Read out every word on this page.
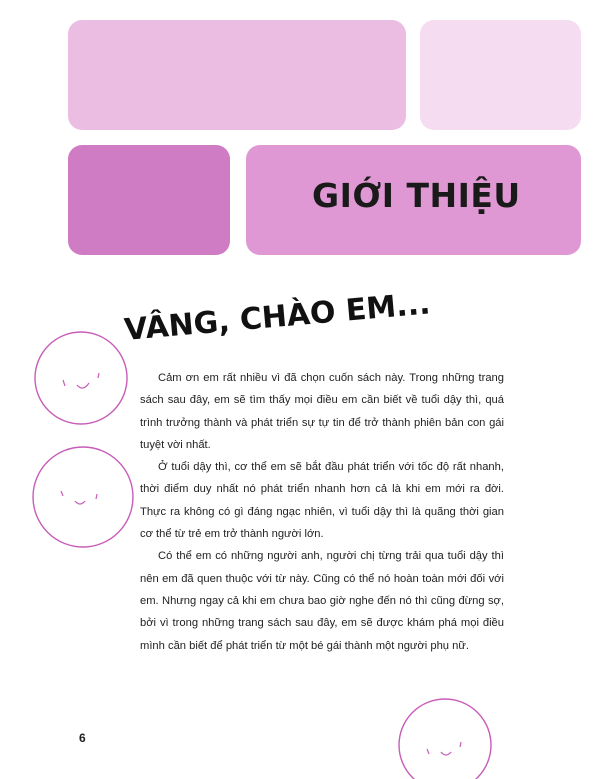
GIỚI THIỆU
VÂNG, CHÀO EM...

Cảm ơn em rất nhiều vì đã chọn cuốn sách này. Trong những trang sách sau đây, em sẽ tìm thấy mọi điều em cần biết về tuổi dậy thì, quá trình trưởng thành và phát triển sự tự tin để trở thành phiên bản con gái tuyệt vời nhất.

Ở tuổi dậy thì, cơ thể em sẽ bắt đầu phát triển với tốc độ rất nhanh, thời điểm duy nhất nó phát triển nhanh hơn cả là khi em mới ra đời. Thực ra không có gì đáng ngạc nhiên, vì tuổi dậy thì là quãng thời gian cơ thể từ trẻ em trở thành người lớn.

Có thể em có những người anh, người chị từng trải qua tuổi dậy thì nên em đã quen thuộc với từ này. Cũng có thể nó hoàn toàn mới đối với em. Nhưng ngay cả khi em chưa bao giờ nghe đến nó thì cũng đừng sợ, bởi vì trong những trang sách sau đây, em sẽ được khám phá mọi điều mình cần biết để phát triển từ một bé gái thành một người phụ nữ.

6
